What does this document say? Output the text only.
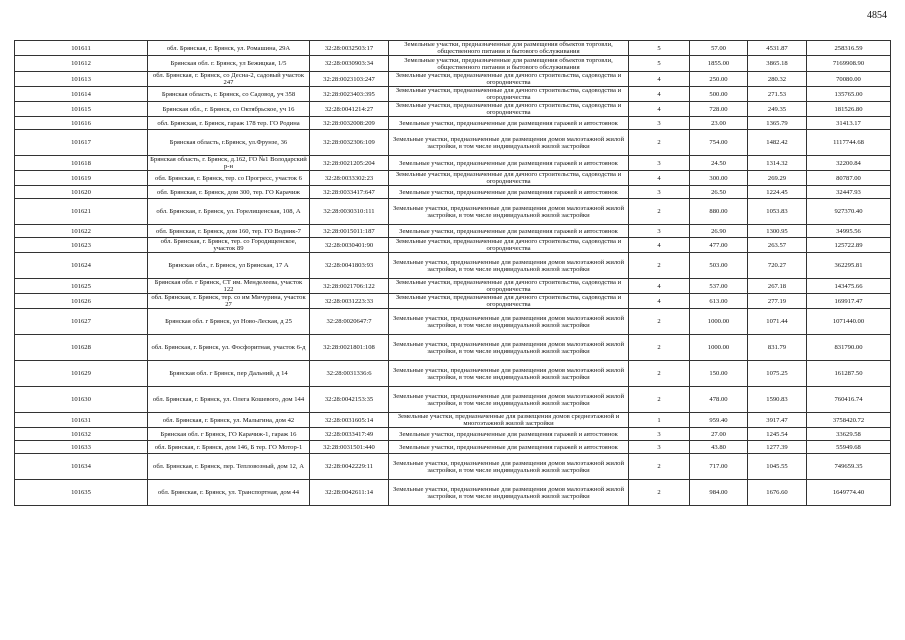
4854
101611	обл. Брянская, г. Брянск, ул. Ромашина, 29А	32:28:0032503:17	Земельные участки, предназначенные для размещения объектов торговли, общественного питания и бытового обслуживания	5	57.00	4531.87	258316.59
101612	Брянская обл. г. Брянск, ул Бежицкая, 1/5	32:28:0030903:34	Земельные участки, предназначенные для размещения объектов торговли, общественного питания и бытового обслуживания	5	1855.00	3865.18	7169908.90
101613	обл. Брянская, г. Брянск, со Десна-2, садовый участок 247	32:28:0023103:247	Земельные участки, предназначенные для дачного строительства, садоводства и огородничества	4	250.00	280.32	70080.00
101614	Брянская область, г. Брянск, со Садовод, уч 358	32:28:0023403:395	Земельные участки, предназначенные для дачного строительства, садоводства и огородничества	4	500.00	271.53	135765.00
101615	Брянская обл., г. Брянск, со Октябрьское, уч 16	32:28:0041214:27	Земельные участки, предназначенные для дачного строительства, садоводства и огородничества	4	728.00	249.35	181526.80
101616	обл. Брянская, г. Брянск, гараж 178 тер. ГО Родина	32:28:0032008:209	Земельные участки, предназначенные для размещения гаражей и автостоянок	3	23.00	1365.79	31413.17
101617	Брянская область, г.Брянск, ул.Фрунзе, 36	32:28:0032306:109	Земельные участки, предназначенные для размещения домов малоэтажной жилой застройки, в том числе индивидуальной жилой застройки	2	754.00	1482.42	1117744.68
101618	Брянская область, г. Брянск, д.162, ГО №1 Володарский р-н	32:28:0021205:204	Земельные участки, предназначенные для размещения гаражей и автостоянок	3	24.50	1314.32	32200.84
101619	обл. Брянская, г. Брянск, тер. со Прогресс, участок 6	32:28:0033302:23	Земельные участки, предназначенные для дачного строительства, садоводства и огородничества	4	300.00	269.29	80787.00
101620	обл. Брянская, г. Брянск, дом 300, тер. ГО Карачиж	32:28:0033417:647	Земельные участки, предназначенные для размещения гаражей и автостоянок	3	26.50	1224.45	32447.93
101621	обл. Брянская, г. Брянск, ул. Горелищенская, 108, А	32:28:0030310:111	Земельные участки, предназначенные для размещения домов малоэтажной жилой застройки, в том числе индивидуальной жилой застройки	2	880.00	1053.83	927370.40
101622	обл. Брянская, г. Брянск, дом 160, тер. ГО Водник-7	32:28:0015011:187	Земельные участки, предназначенные для размещения гаражей и автостоянок	3	26.90	1300.95	34995.56
101623	обл. Брянская, г. Брянск, тер. со Городищенское, участок 89	32:28:0030401:90	Земельные участки, предназначенные для дачного строительства, садоводства и огородничества	4	477.00	263.57	125722.89
101624	Брянская обл., г. Брянск, ул Брянская, 17 А	32:28:0041803:93	Земельные участки, предназначенные для размещения домов малоэтажной жилой застройки, в том числе индивидуальной жилой застройки	2	503.00	720.27	362295.81
101625	Брянская обл. г Брянск, СТ им. Менделеева, участок 122	32:28:0021706:122	Земельные участки, предназначенные для дачного строительства, садоводства и огородничества	4	537.00	267.18	143475.66
101626	обл. Брянская, г. Брянск, тер. со им Мичурина, участок 27	32:28:0031223:33	Земельные участки, предназначенные для дачного строительства, садоводства и огородничества	4	613.00	277.19	169917.47
101627	Брянская обл. г Брянск, ул Ново-Леская, д 25	32:28:0020647:7	Земельные участки, предназначенные для размещения домов малоэтажной жилой застройки, в том числе индивидуальной жилой застройки	2	1000.00	1071.44	1071440.00
101628	обл. Брянская, г. Брянск, ул. Фосфоритная, участок 6-д	32:28:0021801:108	Земельные участки, предназначенные для размещения домов малоэтажной жилой застройки, в том числе индивидуальной жилой застройки	2	1000.00	831.79	831790.00
101629	Брянская обл. г Брянск, пер Дальний, д 14	32:28:0031336:6	Земельные участки, предназначенные для размещения домов малоэтажной жилой застройки, в том числе индивидуальной жилой застройки	2	150.00	1075.25	161287.50
101630	обл. Брянская, г. Брянск, ул. Олега Кошевого, дом 144	32:28:0042153:35	Земельные участки, предназначенные для размещения домов малоэтажной жилой застройки, в том числе индивидуальной жилой застройки	2	478.00	1590.83	760416.74
101631	обл. Брянская, г. Брянск, ул. Малыгина, дом 42	32:28:0031605:14	Земельные участки, предназначенные для размещения домов среднеэтажной и многоэтажной жилой застройки	1	959.40	3917.47	3758420.72
101632	Брянская обл. г Брянск, ГО Карачиж-1, гараж 16	32:28:0033417:49	Земельные участки, предназначенные для размещения гаражей и автостоянок	3	27.00	1245.54	33629.58
101633	обл. Брянская, г. Брянск, дом 146, Б тер. ГО Мотор-1	32:28:0031501:440	Земельные участки, предназначенные для размещения гаражей и автостоянок	3	43.80	1277.39	55949.68
101634	обл. Брянская, г. Брянск, пер. Тепловозный, дом 12, А	32:28:0042229:11	Земельные участки, предназначенные для размещения домов малоэтажной жилой застройки, в том числе индивидуальной жилой застройки	2	717.00	1045.55	749659.35
101635	обл. Брянская, г. Брянск, ул. Транспортная, дом 44	32:28:0042611:14	Земельные участки, предназначенные для размещения домов малоэтажной жилой застройки, в том числе индивидуальной жилой застройки	2	984.00	1676.60	1649774.40
